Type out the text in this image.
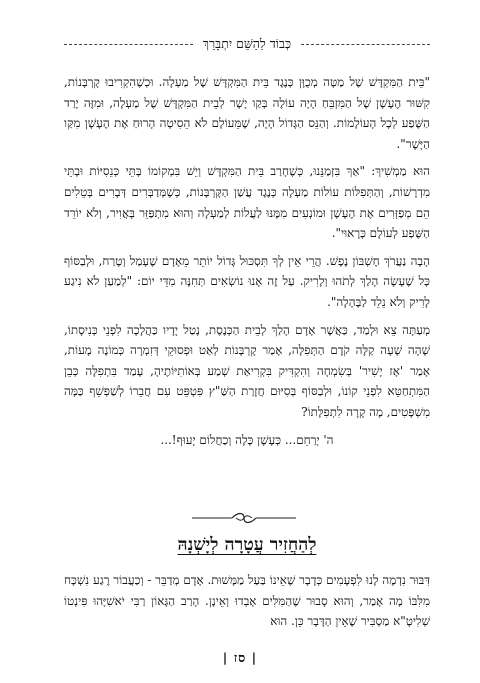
כְּבוֹד לַהַשֵּׁם יִתְבָּרֵךְ

"בֵּית הַמִּקְדָּשׁ שֶׁל מַטָּה מְכֻוָּן כְּנֶגֶד בֵּית הַמִּקְדָּשׁ שֶׁל מַעְלָה. וּכְשֶׁהִקְרִיבוּ קָרְבָּנוֹת, קִשּׁוּר הֶעָשָׁן שֶׁל הַמִּזְבֵּחַ הָיָה עוֹלֶה בְּקַו יָשָׁר לְבֵית הַמִּקְדָּשׁ שֶׁל מַעְלָה, וּמִזֶּה יָרַד הַשֶּׁפַע לְכָל הָעוֹלָמוֹת. וְהַנֵּס הַגָּדוֹל הָיָה, שֶׁמֵּעוֹלָם לֹא הֵסִיטָה הָרוּחַ אֶת הֶעָשָׁן מִקַּו הַיָּשָׁר".

הוּא מַמְשִׁיךְ: "אַךְ בִּזְמַנֵּנוּ, כְּשֶׁחָרַב בֵּית הַמִּקְדָּשׁ וְיֵשׁ בִּמְקוֹמוֹ בָּתֵּי כְּנֵסִיּוֹת וּבָתֵּי מִדְרָשׁוֹת, וְהַתְּפִלּוֹת עוֹלוֹת מַעְלָה כְּנֶגֶד עֲשַׁן הַקָּרְבָּנוֹת, כְּשֶׁמְּדַבְּרִים דְּבָרִים בְּטֵלִים הֵם מְפַזְּרִים אֶת הֶעָשָׁן וּמוֹנְעִים מִמֶּנּוּ לַעֲלוֹת לְמַעְלָה וְהוּא מִתְפַּזֵּר בָּאֲוִיר, וְלֹא יוֹרֵד הַשֶּׁפַע לְעוֹלָם כָּרָאוּי".

הָבָה נַעֲרֹךְ חֶשְׁבּוֹן נֶפֶשׁ. הֲרֵי אֵין לְךָ תִּסְכּוּל גָּדוֹל יוֹתֵר מֵאָדָם שֶׁעָמַל וְטָרַח, וּלְבַסּוֹף כָּל שֶׁעָשָׂה הָלַךְ לְתֹהוּ וְלָרִיק. עַל זֶה אָנוּ נוֹשְׂאִים תְּחִנָּה מִדֵּי יוֹם: "לְמַעַן לֹא נִיגַע לָרִיק וְלֹא נֵלֵד לַבֶּהָלָה".

מְעַתָּה צֵא וּלְמַד, כַּאֲשֶׁר אָדָם הָלַךְ לְבֵית הַכְּנֶסֶת, נָטַל יָדָיו כַּהֲלָכָה לִפְנֵי כְּנִיסָתוֹ, שָׁהָה שָׁעָה קַלָּה קֹדֶם הַתְּפִלָּה, אָמַר קָרְבָּנוֹת לְאַט וּפְסוּקֵי דְּזִמְרָה כְּמוֹנֶה מָעוֹת, אָמַר 'אָז יָשִׁיר' בְּשִׂמְחָה וְהִקְדִּיק בִּקְרִיאַת שְׁמַע בְּאוֹתִיּוֹתֶיהָ, עָמַד בִּתְפִלָּה כְּבֵן הַמִּתְחַטֵּא לִפְנֵי קוֹנוֹ, וּלְבַסּוֹף בְּסִיּוּם חֲזָרַת הַשַּׁ"ץ פִּטְפֵּט עִם חֲבֵרוֹ לְשַׁפְשֵׁף כַּמָּה מִשְׁפָּטִים, מָה קָרָה לִתְפִלָּתוֹ?

ה' יְרַחֵם... כְּעָשָׁן כָּלָה וְכַחֲלוֹם יָעוּף!...

לְהַחֲזִיר עֲטָרָה לְיָשְׁנָהּ

דִּבּוּר נִדְמֶה לָנוּ לִפְעָמִים כְּדָבָר שֶׁאֵינוֹ בַּעַל מַמָּשׁוּת. אָדָם מְדַבֵּר - וְכַעֲבוֹר רֶגַע נִשְׁכָּח מִלִּבּוֹ מָה אָמַר, וְהוּא סָבוּר שֶׁהַמִּלִּים אָבְדוּ וְאֵינָן. הָרַב הַגָּאוֹן רַבִּי יֹאשִׁיָּהוּ פִּינְטוֹ שְׁלִיטָ"א מַסְבִּיר שֶׁאֵין הַדָּבָר כֵּן. הוּא

| סז |
